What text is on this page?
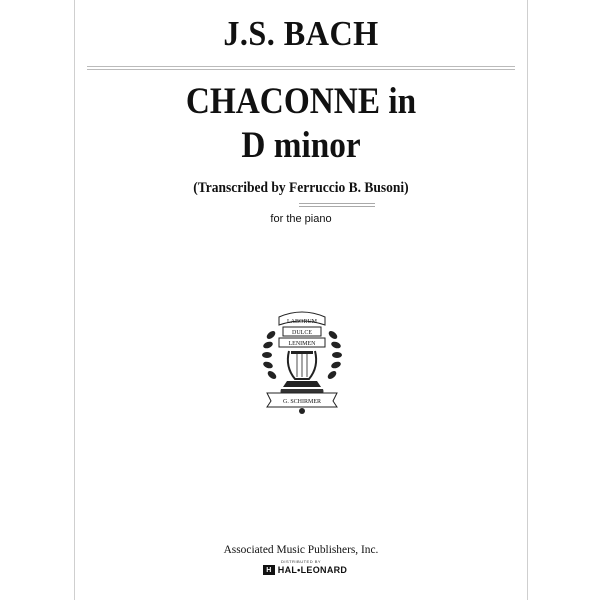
J.S. BACH
CHACONNE in
D minor
(Transcribed by Ferruccio B. Busoni)
for the piano
LABORUM
DULCE
LENIMEN
G. SCHIRMER
Associated Music Publishers, Inc.
DISTRIBUTED BY
H HAL•LEONARD
